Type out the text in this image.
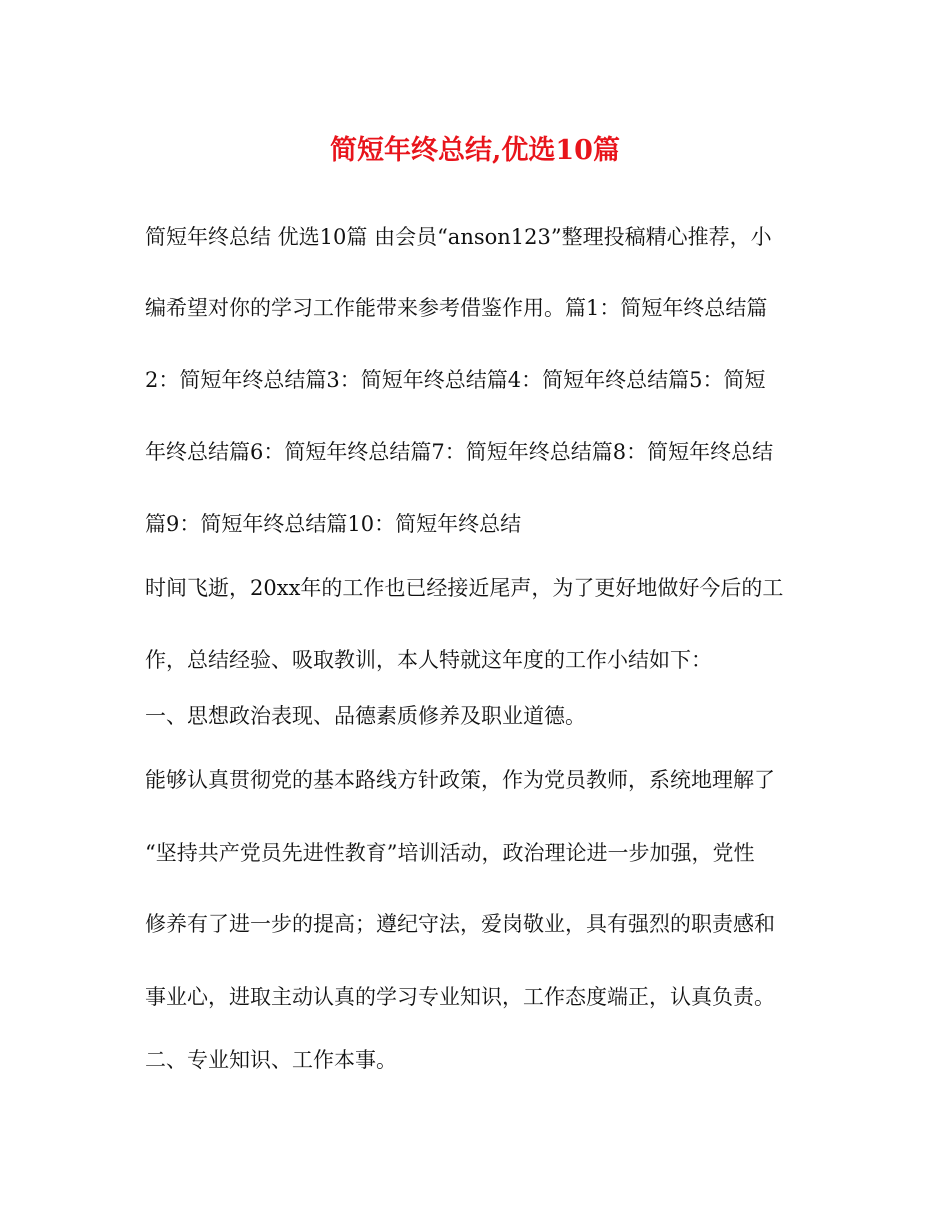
简短年终总结,优选10篇
简短年终总结 优选10篇 由会员“anson123”整理投稿精心推荐，小
编希望对你的学习工作能带来参考借鉴作用。篇1：简短年终总结篇
2：简短年终总结篇3：简短年终总结篇4：简短年终总结篇5：简短
年终总结篇6：简短年终总结篇7：简短年终总结篇8：简短年终总结
篇9：简短年终总结篇10：简短年终总结
时间飞逝，20xx年的工作也已经接近尾声，为了更好地做好今后的工
作，总结经验、吸取教训，本人特就这年度的工作小结如下：
一、思想政治表现、品德素质修养及职业道德。
能够认真贯彻党的基本路线方针政策，作为党员教师，系统地理解了
“坚持共产党员先进性教育”培训活动，政治理论进一步加强，党性
修养有了进一步的提高；遵纪守法，爱岗敬业，具有强烈的职责感和
事业心，进取主动认真的学习专业知识，工作态度端正，认真负责。
二、专业知识、工作本事。
